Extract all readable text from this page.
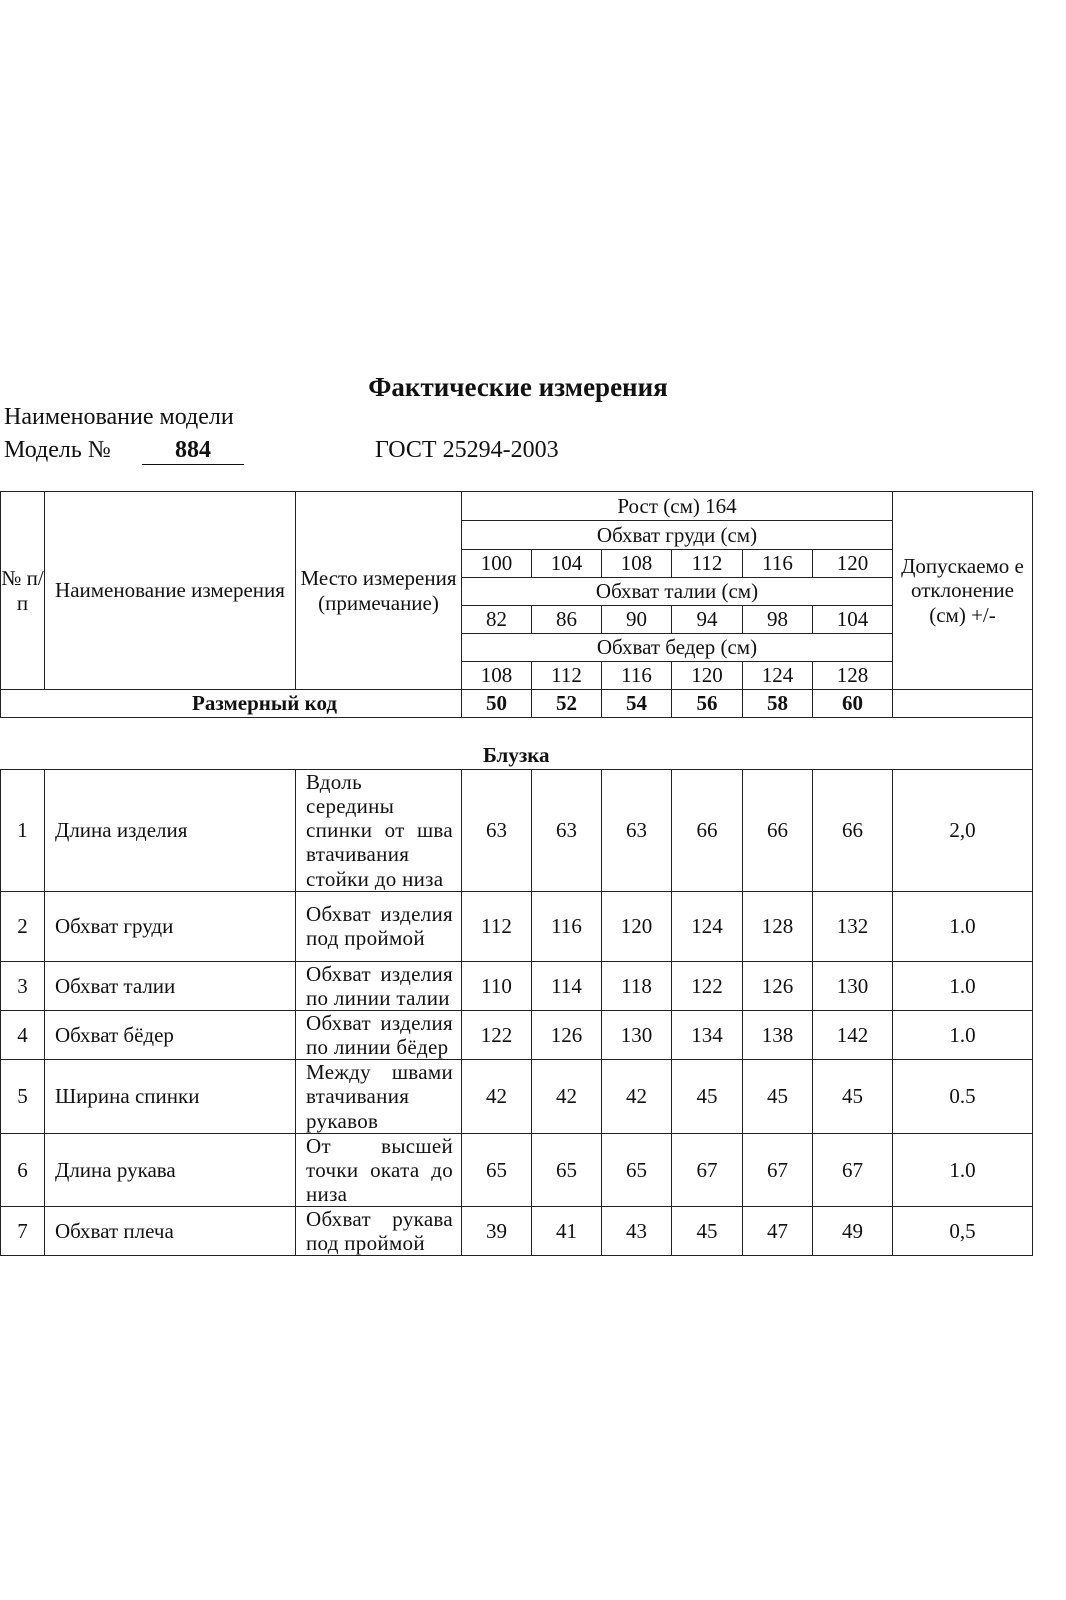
Фактические измерения
Наименование модели
Модель №	884	ГОСТ 25294-2003
№ п/ п	Наименование измерения	Место измерения (примечание)	Рост (см) 164						Допускаемо е отклонение (см) +/-
			Обхват груди (см)						
			100	104	108	112	116	120	
			Обхват талии (см)						
			82	86	90	94	98	104	
			Обхват бедер (см)						
			108	112	116	120	124	128	
Размерный код			50	52	54	56	58	60	
Блузка									
1	Длина изделия	Вдоль середины спинки от шва втачивания стойки до низа	63	63	63	66	66	66	2,0
2	Обхват груди	Обхват изделия под проймой	112	116	120	124	128	132	1.0
3	Обхват талии	Обхват изделия по линии талии	110	114	118	122	126	130	1.0
4	Обхват бёдер	Обхват изделия по линии бёдер	122	126	130	134	138	142	1.0
5	Ширина спинки	Между швами втачивания рукавов	42	42	42	45	45	45	0.5
6	Длина рукава	От высшей точки оката до низа	65	65	65	67	67	67	1.0
7	Обхват плеча	Обхват рукава под проймой	39	41	43	45	47	49	0,5
